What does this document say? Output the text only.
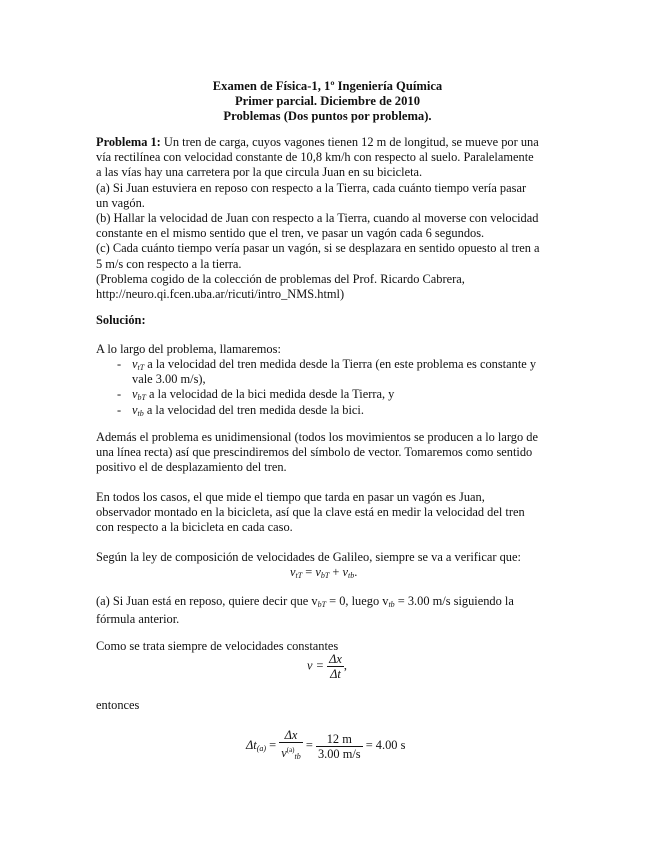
Examen de Física-1, 1º Ingeniería Química
Primer parcial. Diciembre de 2010
Problemas (Dos puntos por problema).
Problema 1: Un tren de carga, cuyos vagones tienen 12 m de longitud, se mueve por una
vía rectilínea con velocidad constante de 10,8 km/h con respecto al suelo. Paralelamente
a las vías hay una carretera por la que circula Juan en su bicicleta.
(a) Si Juan estuviera en reposo con respecto a la Tierra, cada cuánto tiempo vería pasar
un vagón.
(b) Hallar la velocidad de Juan con respecto a la Tierra, cuando al moverse con velocidad
constante en el mismo sentido que el tren, ve pasar un vagón cada 6 segundos.
(c) Cada cuánto tiempo vería pasar un vagón, si se desplazara en sentido opuesto al tren a
5 m/s con respecto a la tierra.
(Problema cogido de la colección de problemas del Prof. Ricardo Cabrera,
http://neuro.qi.fcen.uba.ar/ricuti/intro_NMS.html)
Solución:
A lo largo del problema, llamaremos:
- $v_{tT}$ a la velocidad del tren medida desde la Tierra (en este problema es constante y
vale 3.00 m/s),
- $v_{bT}$ a la velocidad de la bici medida desde la Tierra, y
- $v_{tb}$ a la velocidad del tren medida desde la bici.
Además el problema es unidimensional (todos los movimientos se producen a lo largo de
una línea recta) así que prescindiremos del símbolo de vector. Tomaremos como sentido
positivo el de desplazamiento del tren.
En todos los casos, el que mide el tiempo que tarda en pasar un vagón es Juan,
observador montado en la bicicleta, así que la clave está en medir la velocidad del tren
con respecto a la bicicleta en cada caso.
Según la ley de composición de velocidades de Galileo, siempre se va a verificar que:
$v_{tT} = v_{bT} + v_{tb}$.
(a) Si Juan está en reposo, quiere decir que $v_{bT} = 0$, luego $v_{tb} = 3.00$ m/s siguiendo la
fórmula anterior.
Como se trata siempre de velocidades constantes
$v = \frac{\Delta x}{\Delta t}$ ,
entonces
$\Delta t_{(a)} = \frac{\Delta x}{v^{(a)}_{tb}} = \frac{12 m}{3.00 m/s} = 4.00$ s
